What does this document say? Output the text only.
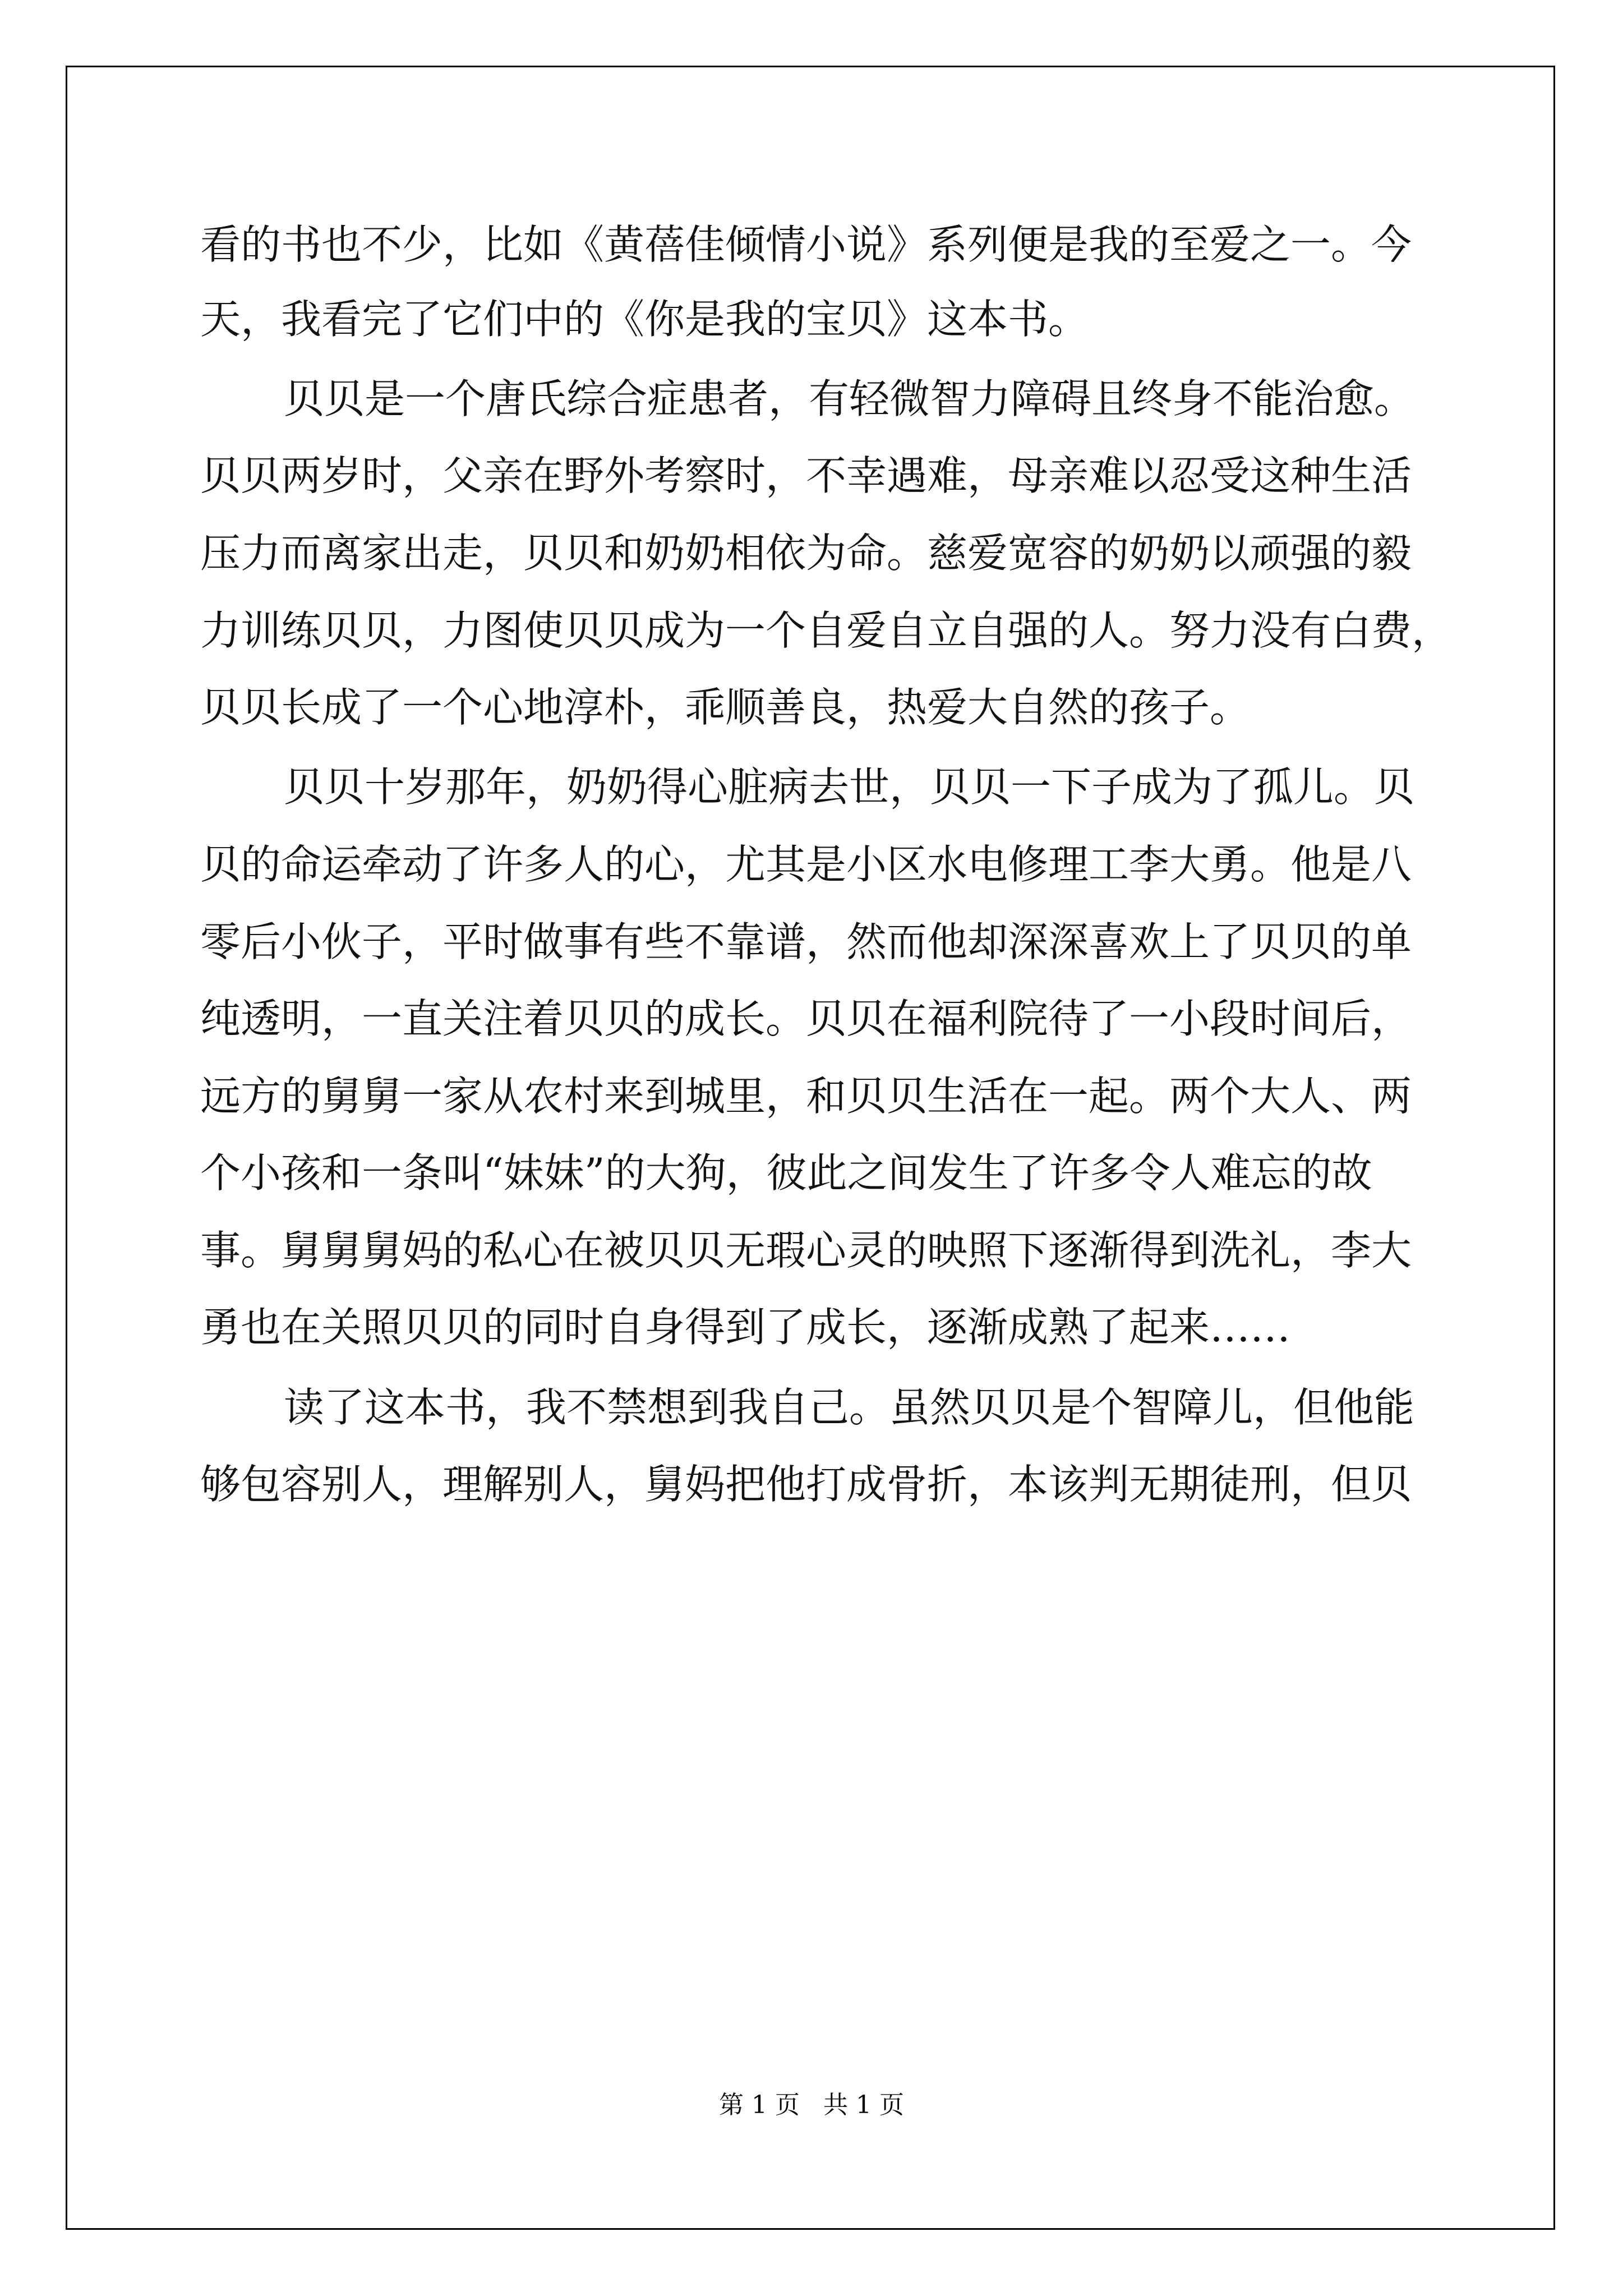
看的书也不少，比如《黄蓓佳倾情小说》系列便是我的至爱之一。今
天，我看完了它们中的《你是我的宝贝》这本书。
贝贝是一个唐氏综合症患者，有轻微智力障碍且终身不能治愈。
贝贝两岁时，父亲在野外考察时，不幸遇难，母亲难以忍受这种生活
压力而离家出走，贝贝和奶奶相依为命。慈爱宽容的奶奶以顽强的毅
力训练贝贝，力图使贝贝成为一个自爱自立自强的人。努力没有白费，
贝贝长成了一个心地淳朴，乖顺善良，热爱大自然的孩子。
贝贝十岁那年，奶奶得心脏病去世，贝贝一下子成为了孤儿。贝
贝的命运牵动了许多人的心，尤其是小区水电修理工李大勇。他是八
零后小伙子，平时做事有些不靠谱，然而他却深深喜欢上了贝贝的单
纯透明，一直关注着贝贝的成长。贝贝在福利院待了一小段时间后，
远方的舅舅一家从农村来到城里，和贝贝生活在一起。两个大人、两
个小孩和一条叫“妹妹”的大狗，彼此之间发生了许多令人难忘的故
事。舅舅舅妈的私心在被贝贝无瑕心灵的映照下逐渐得到洗礼，李大
勇也在关照贝贝的同时自身得到了成长，逐渐成熟了起来……
读了这本书，我不禁想到我自己。虽然贝贝是个智障儿，但他能
够包容别人，理解别人，舅妈把他打成骨折，本该判无期徒刑，但贝
第 1 页   共 1 页
